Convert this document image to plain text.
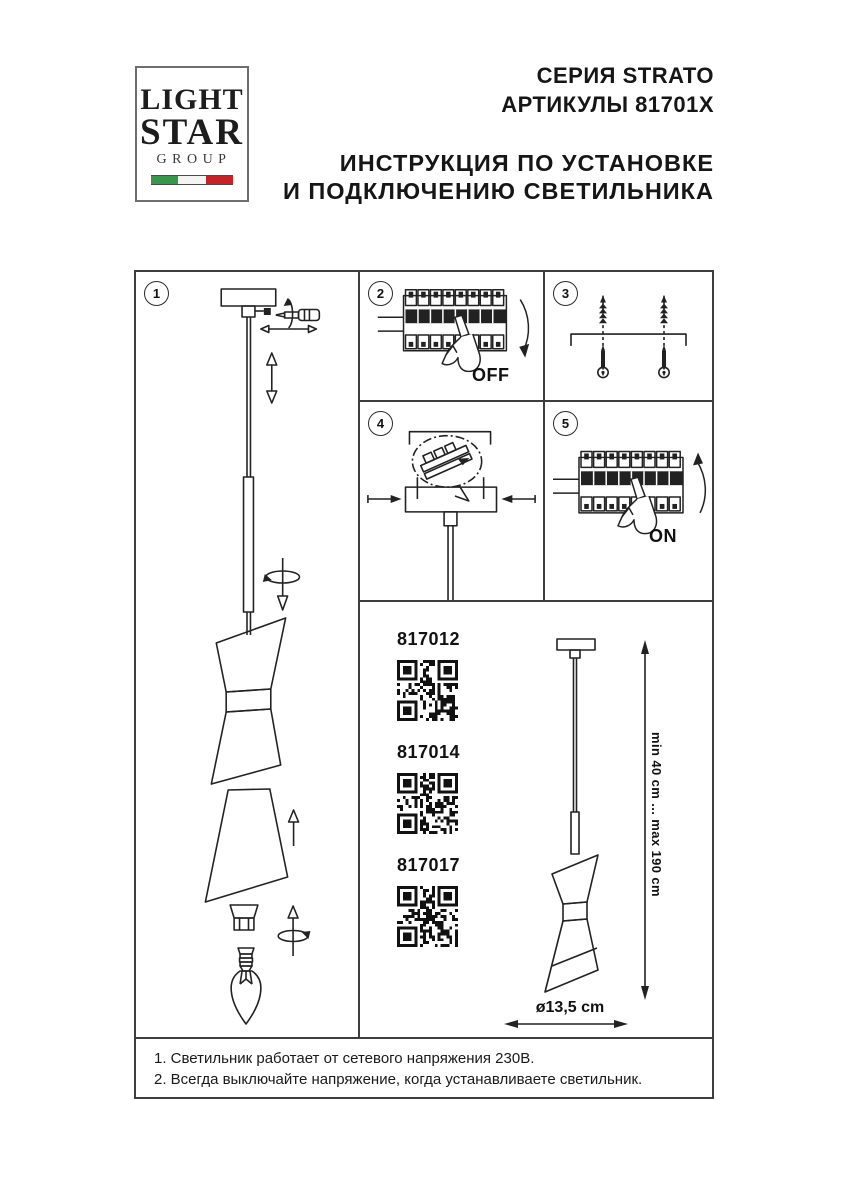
LIGHT
STAR
GROUP
СЕРИЯ STRATO
АРТИКУЛЫ 81701X
ИНСТРУКЦИЯ ПО УСТАНОВКЕ
И ПОДКЛЮЧЕНИЮ СВЕТИЛЬНИКА
1	2
OFF
3
4	5
ON
817012
817014
817017	min 40 cm ... max 190 cm
ø13,5 cm
1. Светильник работает от сетевого напряжения 230В.
2. Всегда выключайте напряжение, когда устанавливаете светильник.
